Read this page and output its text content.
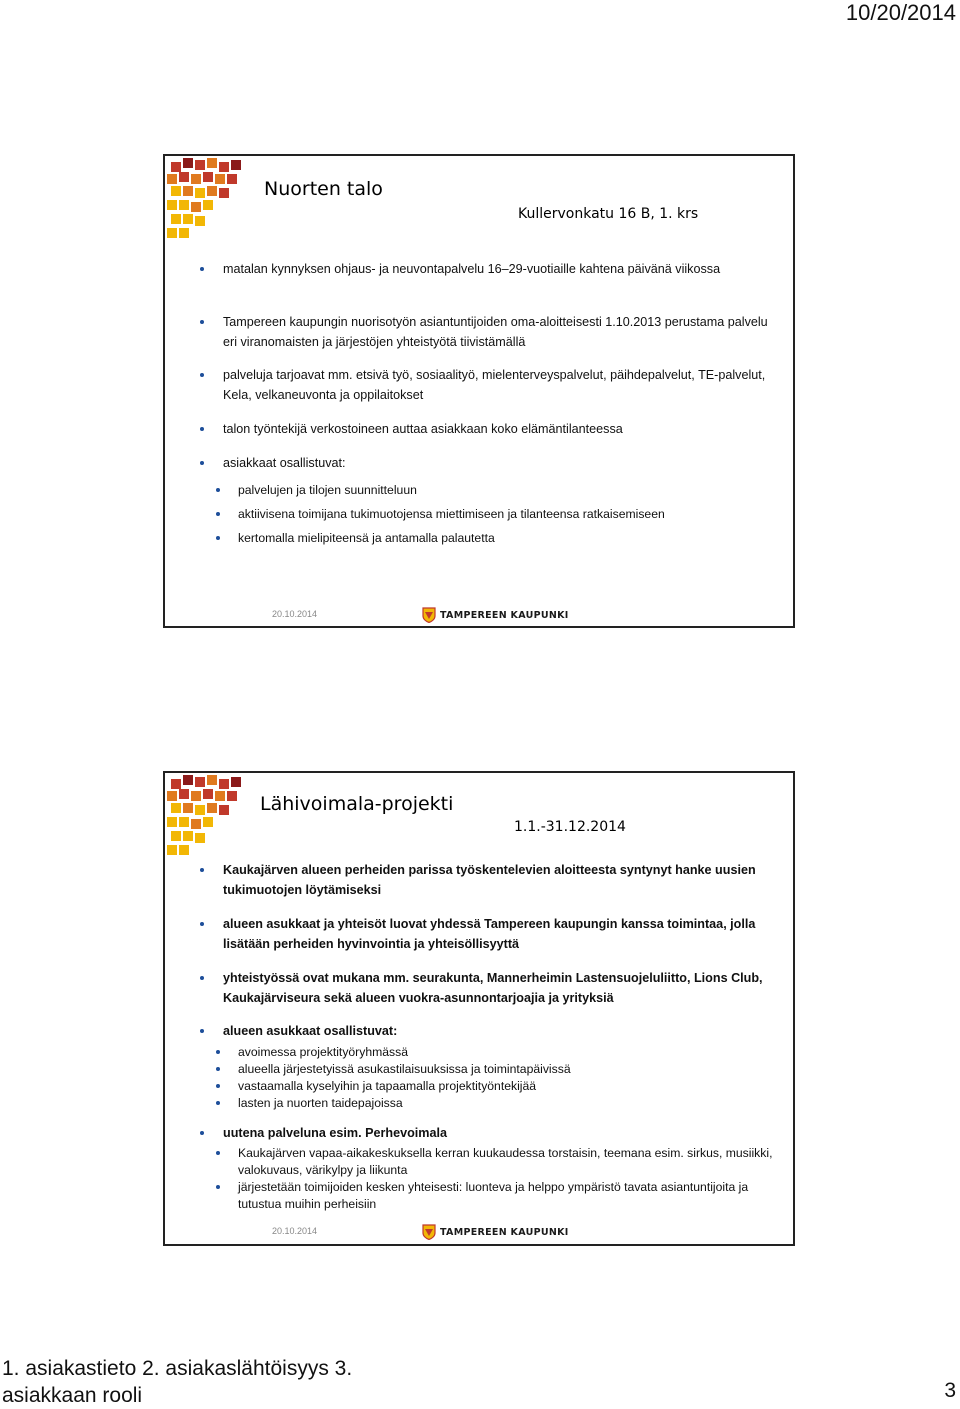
10/20/2014
Nuorten talo
Kullervonkatu 16 B, 1. krs
matalan kynnyksen ohjaus- ja neuvontapalvelu 16–29-vuotiaille kahtena päivänä viikossa
Tampereen kaupungin nuorisotyön asiantuntijoiden oma-aloitteisesti 1.10.2013 perustama palvelu eri viranomaisten ja järjestöjen yhteistyötä tiivistämällä
palveluja tarjoavat mm. etsivä työ, sosiaalityö, mielenterveyspalvelut, päihdepalvelut, TE-palvelut, Kela, velkaneuvonta ja oppilaitokset
talon työntekijä verkostoineen auttaa asiakkaan koko elämäntilanteessa
asiakkaat osallistuvat:
palvelujen ja tilojen suunnitteluun
aktiivisena toimijana tukimuotojensa miettimiseen ja tilanteensa ratkaisemiseen
kertomalla mielipiteensä ja antamalla palautetta
20.10.2014	TAMPEREEN KAUPUNKI
Lähivoimala-projekti
1.1.-31.12.2014
Kaukajärven alueen perheiden parissa työskentelevien aloitteesta syntynyt hanke uusien tukimuotojen löytämiseksi
alueen asukkaat ja yhteisöt luovat yhdessä Tampereen kaupungin kanssa toimintaa, jolla lisätään perheiden hyvinvointia ja yhteisöllisyyttä
yhteistyössä ovat mukana mm. seurakunta, Mannerheimin Lastensuojeluliitto, Lions Club, Kaukajärviseura sekä alueen vuokra-asunnontarjoajia ja yrityksiä
alueen asukkaat osallistuvat:
avoimessa projektityöryhmässä
alueella järjestetyissä asukastilaisuuksissa ja toimintapäivissä
vastaamalla kyselyihin ja tapaamalla projektityöntekijää
lasten ja nuorten taidepajoissa
uutena palveluna esim. Perhevoimala
Kaukajärven vapaa-aikakeskuksella kerran kuukaudessa torstaisin, teemana esim. sirkus, musiikki, valokuvaus, värikylpy ja liikunta
järjestetään toimijoiden kesken yhteisesti: luonteva ja helppo ympäristö tavata asiantuntijoita ja tutustua muihin perheisiin
20.10.2014	TAMPEREEN KAUPUNKI
1. asiakastieto 2. asiakaslähtöisyys 3.
asiakkaan rooli	3
